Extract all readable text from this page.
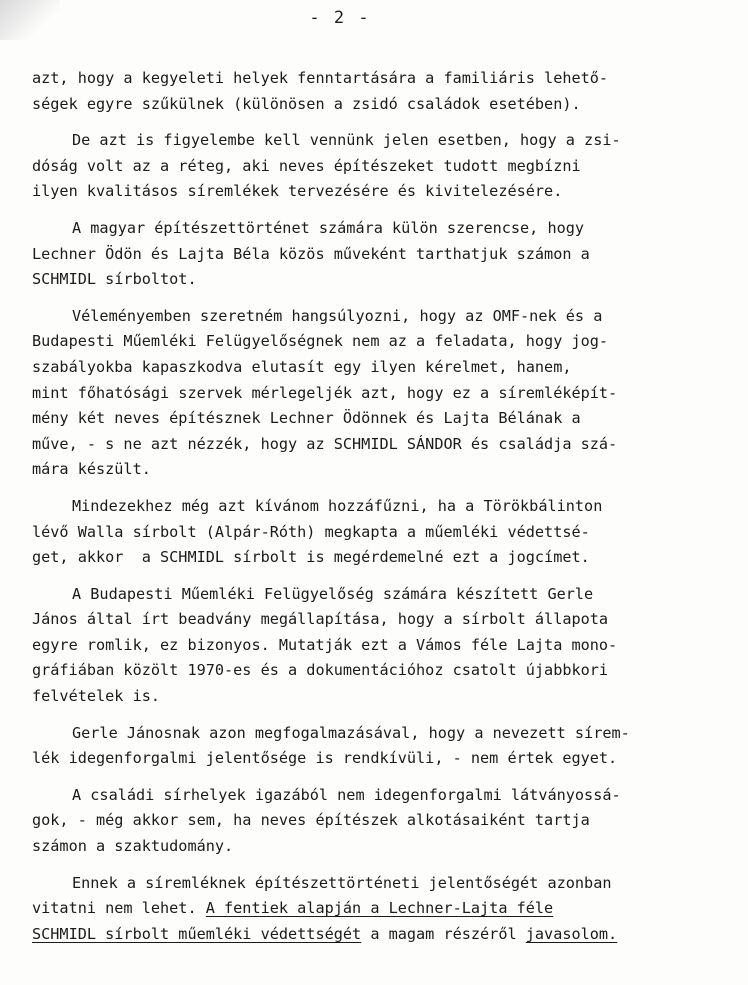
- 2 -
azt, hogy a kegyeleti helyek fenntartására a familiáris lehető-
ségek egyre szűkülnek (különösen a zsidó családok esetében).
De azt is figyelembe kell vennünk jelen esetben, hogy a zsi-
dóság volt az a réteg, aki neves építészeket tudott megbízni
ilyen kvalitásos síremlékek tervezésére és kivitelezésére.
A magyar építészettörténet számára külön szerencse, hogy
Lechner Ödön és Lajta Béla közös műveként tarthatjuk számon a
SCHMIDL sírboltot.
Véleményemben szeretném hangsúlyozni, hogy az OMF-nek és a
Budapesti Műemléki Felügyelőségnek nem az a feladata, hogy jog-
szabályokba kapaszkodva elutasít egy ilyen kérelmet, hanem,
mint főhatósági szervek mérlegeljék azt, hogy ez a síremléképít-
mény két neves építésznek Lechner Ödönnek és Lajta Bélának a
műve, - s ne azt nézzék, hogy az SCHMIDL SÁNDOR és családja szá-
mára készült.
Mindezekhez még azt kívánom hozzáfűzni, ha a Törökbálinton
lévő Walla sírbolt (Alpár-Róth) megkapta a műemléki védettsé-
get, akkor  a SCHMIDL sírbolt is megérdemelné ezt a jogcímet.
A Budapesti Műemléki Felügyelőség számára készített Gerle
János által írt beadvány megállapítása, hogy a sírbolt állapota
egyre romlik, ez bizonyos. Mutatják ezt a Vámos féle Lajta mono-
gráfiában közölt 1970-es és a dokumentációhoz csatolt újabbkori
felvételek is.
Gerle Jánosnak azon megfogalmazásával, hogy a nevezett sírem-
lék idegenforgalmi jelentősége is rendkívüli, - nem értek egyet.
A családi sírhelyek igazából nem idegenforgalmi látványossá-
gok, - még akkor sem, ha neves építészek alkotásaiként tartja
számon a szaktudomány.
Ennek a síremléknek építészettörténeti jelentőségét azonban
vitatni nem lehet. A fentiek alapján a Lechner-Lajta féle
SCHMIDL sírbolt műemléki védettségét a magam részéről javasolom.
